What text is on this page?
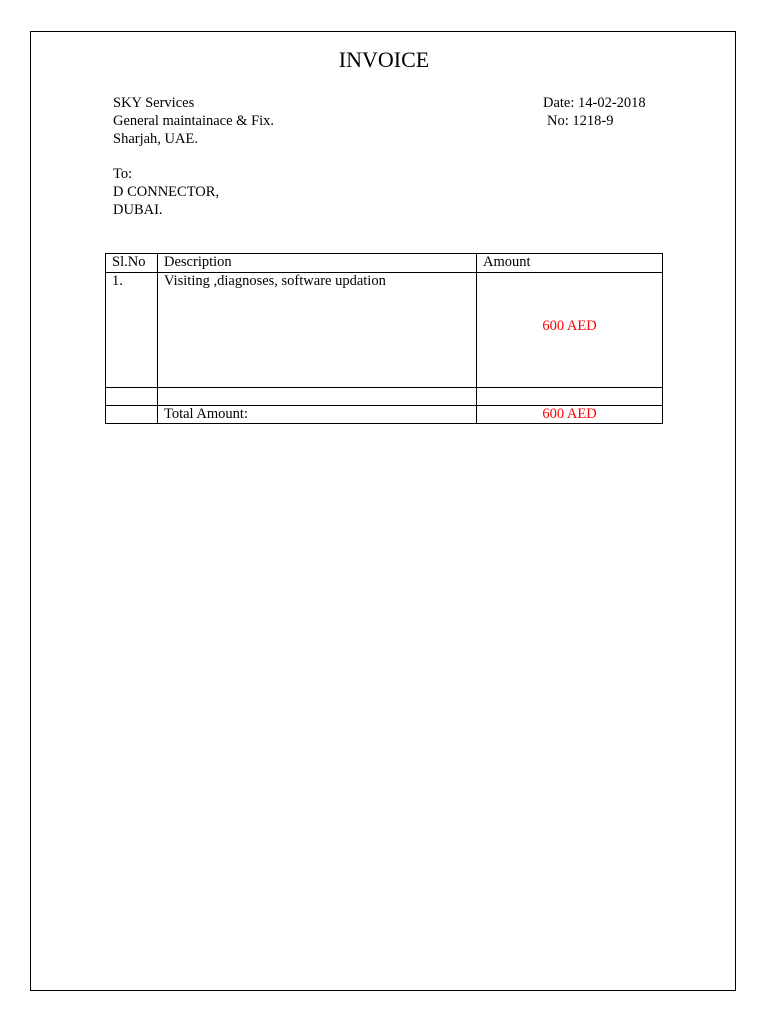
INVOICE
SKY Services
General maintainace & Fix.
Sharjah, UAE.
Date: 14-02-2018
No: 1218-9
To:
D CONNECTOR,
DUBAI.
Sl.No	Description	Amount
1.	Visiting ,diagnoses, software updation	600 AED

	Total Amount:	600 AED
